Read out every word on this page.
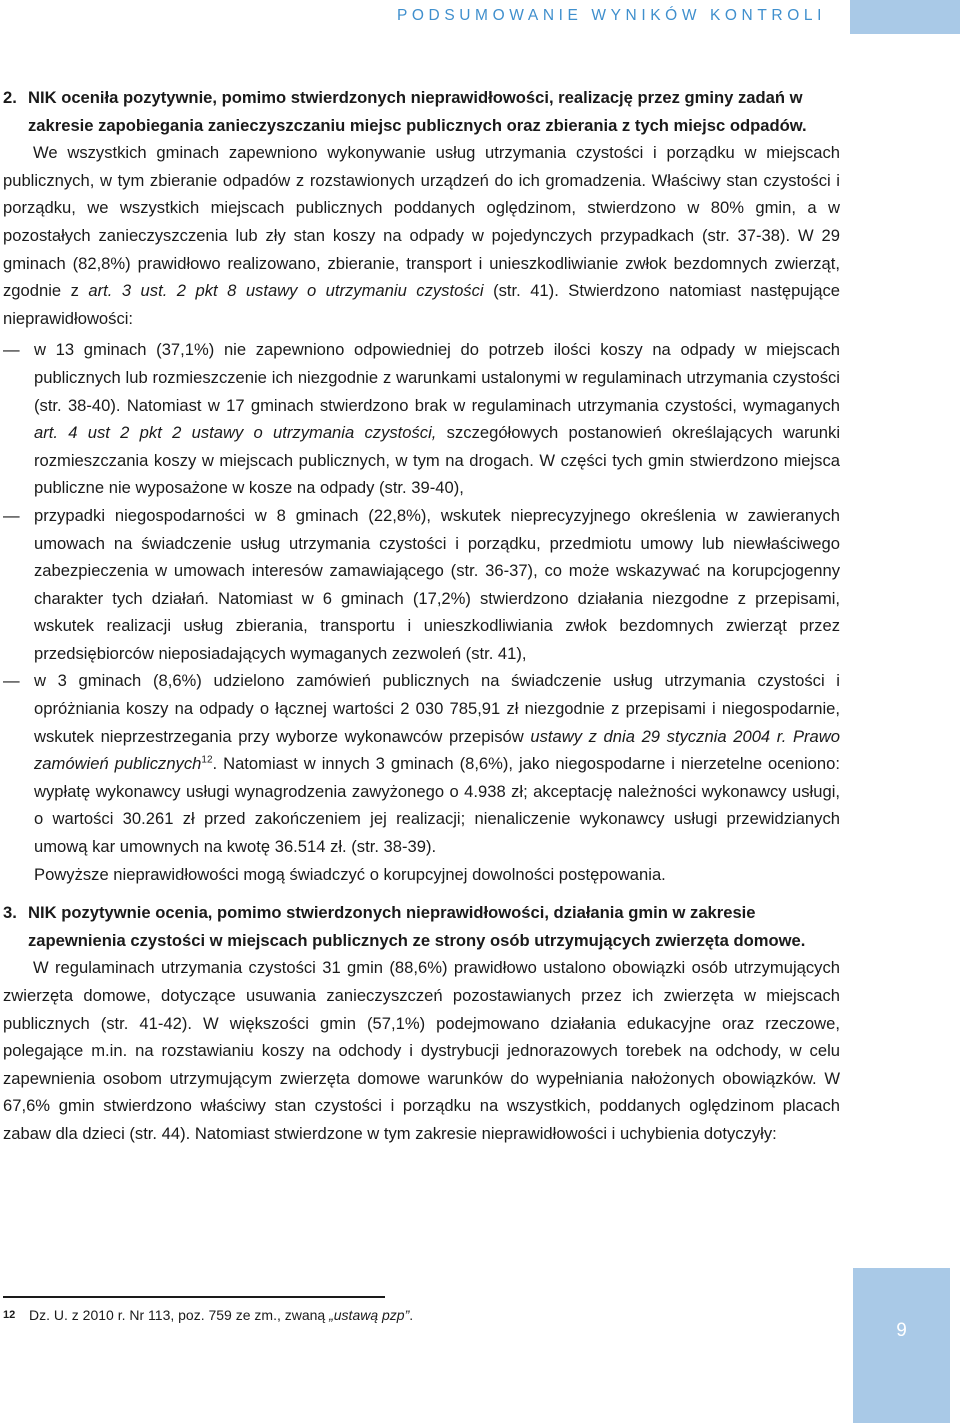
PODSUMOWANIE WYNIKÓW KONTROLI
2. NIK oceniła pozytywnie, pomimo stwierdzonych nieprawidłowości, realizację przez gminy zadań w zakresie zapobiegania zanieczyszczaniu miejsc publicznych oraz zbierania z tych miejsc odpadów.

We wszystkich gminach zapewniono wykonywanie usług utrzymania czystości i porządku w miejscach publicznych, w tym zbieranie odpadów z rozstawionych urządzeń do ich gromadzenia. Właściwy stan czystości i porządku, we wszystkich miejscach publicznych poddanych oględzinom, stwierdzono w 80% gmin, a w pozostałych zanieczyszczenia lub zły stan koszy na odpady w pojedynczych przypadkach (str. 37-38). W 29 gminach (82,8%) prawidłowo realizowano, zbieranie, transport i unieszkodliwianie zwłok bezdomnych zwierząt, zgodnie z art. 3 ust. 2 pkt 8 ustawy o utrzymaniu czystości (str. 41). Stwierdzono natomiast następujące nieprawidłowości:

— w 13 gminach (37,1%) nie zapewniono odpowiedniej do potrzeb ilości koszy na odpady w miejscach publicznych lub rozmieszczenie ich niezgodnie z warunkami ustalonymi w regulaminach utrzymania czystości (str. 38-40). Natomiast w 17 gminach stwierdzono brak w regulaminach utrzymania czystości, wymaganych art. 4 ust 2 pkt 2 ustawy o utrzymania czystości, szczegółowych postanowień określających warunki rozmieszczania koszy w miejscach publicznych, w tym na drogach. W części tych gmin stwierdzono miejsca publiczne nie wyposażone w kosze na odpady (str. 39-40),
— przypadki niegospodarności w 8 gminach (22,8%), wskutek nieprecyzyjnego określenia w zawieranych umowach na świadczenie usług utrzymania czystości i porządku, przedmiotu umowy lub niewłaściwego zabezpieczenia w umowach interesów zamawiającego (str. 36-37), co może wskazywać na korupcjogenny charakter tych działań. Natomiast w 6 gminach (17,2%) stwierdzono działania niezgodne z przepisami, wskutek realizacji usług zbierania, transportu i unieszkodliwiania zwłok bezdomnych zwierząt przez przedsiębiorców nieposiadających wymaganych zezwoleń (str. 41),
— w 3 gminach (8,6%) udzielono zamówień publicznych na świadczenie usług utrzymania czystości i opróżniania koszy na odpady o łącznej wartości 2 030 785,91 zł niezgodnie z przepisami i niegospodarnie, wskutek nieprzestrzegania przy wyborze wykonawców przepisów ustawy z dnia 29 stycznia 2004 r. Prawo zamówień publicznych$^{12}$. Natomiast w innych 3 gminach (8,6%), jako niegospodarne i nierzetelne oceniono: wypłatę wykonawcy usługi wynagrodzenia zawyżonego o 4.938 zł; akceptację należności wykonawcy usługi, o wartości 30.261 zł przed zakończeniem jej realizacji; nienaliczenie wykonawcy usługi przewidzianych umową kar umownych na kwotę 36.514 zł. (str. 38-39).

Powyższe nieprawidłowości mogą świadczyć o korupcyjnej dowolności postępowania.

3. NIK pozytywnie ocenia, pomimo stwierdzonych nieprawidłowości, działania gmin w zakresie zapewnienia czystości w miejscach publicznych ze strony osób utrzymujących zwierzęta domowe.

W regulaminach utrzymania czystości 31 gmin (88,6%) prawidłowo ustalono obowiązki osób utrzymujących zwierzęta domowe, dotyczące usuwania zanieczyszczeń pozostawianych przez ich zwierzęta w miejscach publicznych (str. 41-42). W większości gmin (57,1%) podejmowano działania edukacyjne oraz rzeczowe, polegające m.in. na rozstawianiu koszy na odchody i dystrybucji jednorazowych torebek na odchody, w celu zapewnienia osobom utrzymującym zwierzęta domowe warunków do wypełniania nałożonych obowiązków. W 67,6% gmin stwierdzono właściwy stan czystości i porządku na wszystkich, poddanych oględzinom placach zabaw dla dzieci (str. 44). Natomiast stwierdzone w tym zakresie nieprawidłowości i uchybienia dotyczyły:

12 Dz. U. z 2010 r. Nr 113, poz. 759 ze zm., zwaną „ustawą pzp”.
9
